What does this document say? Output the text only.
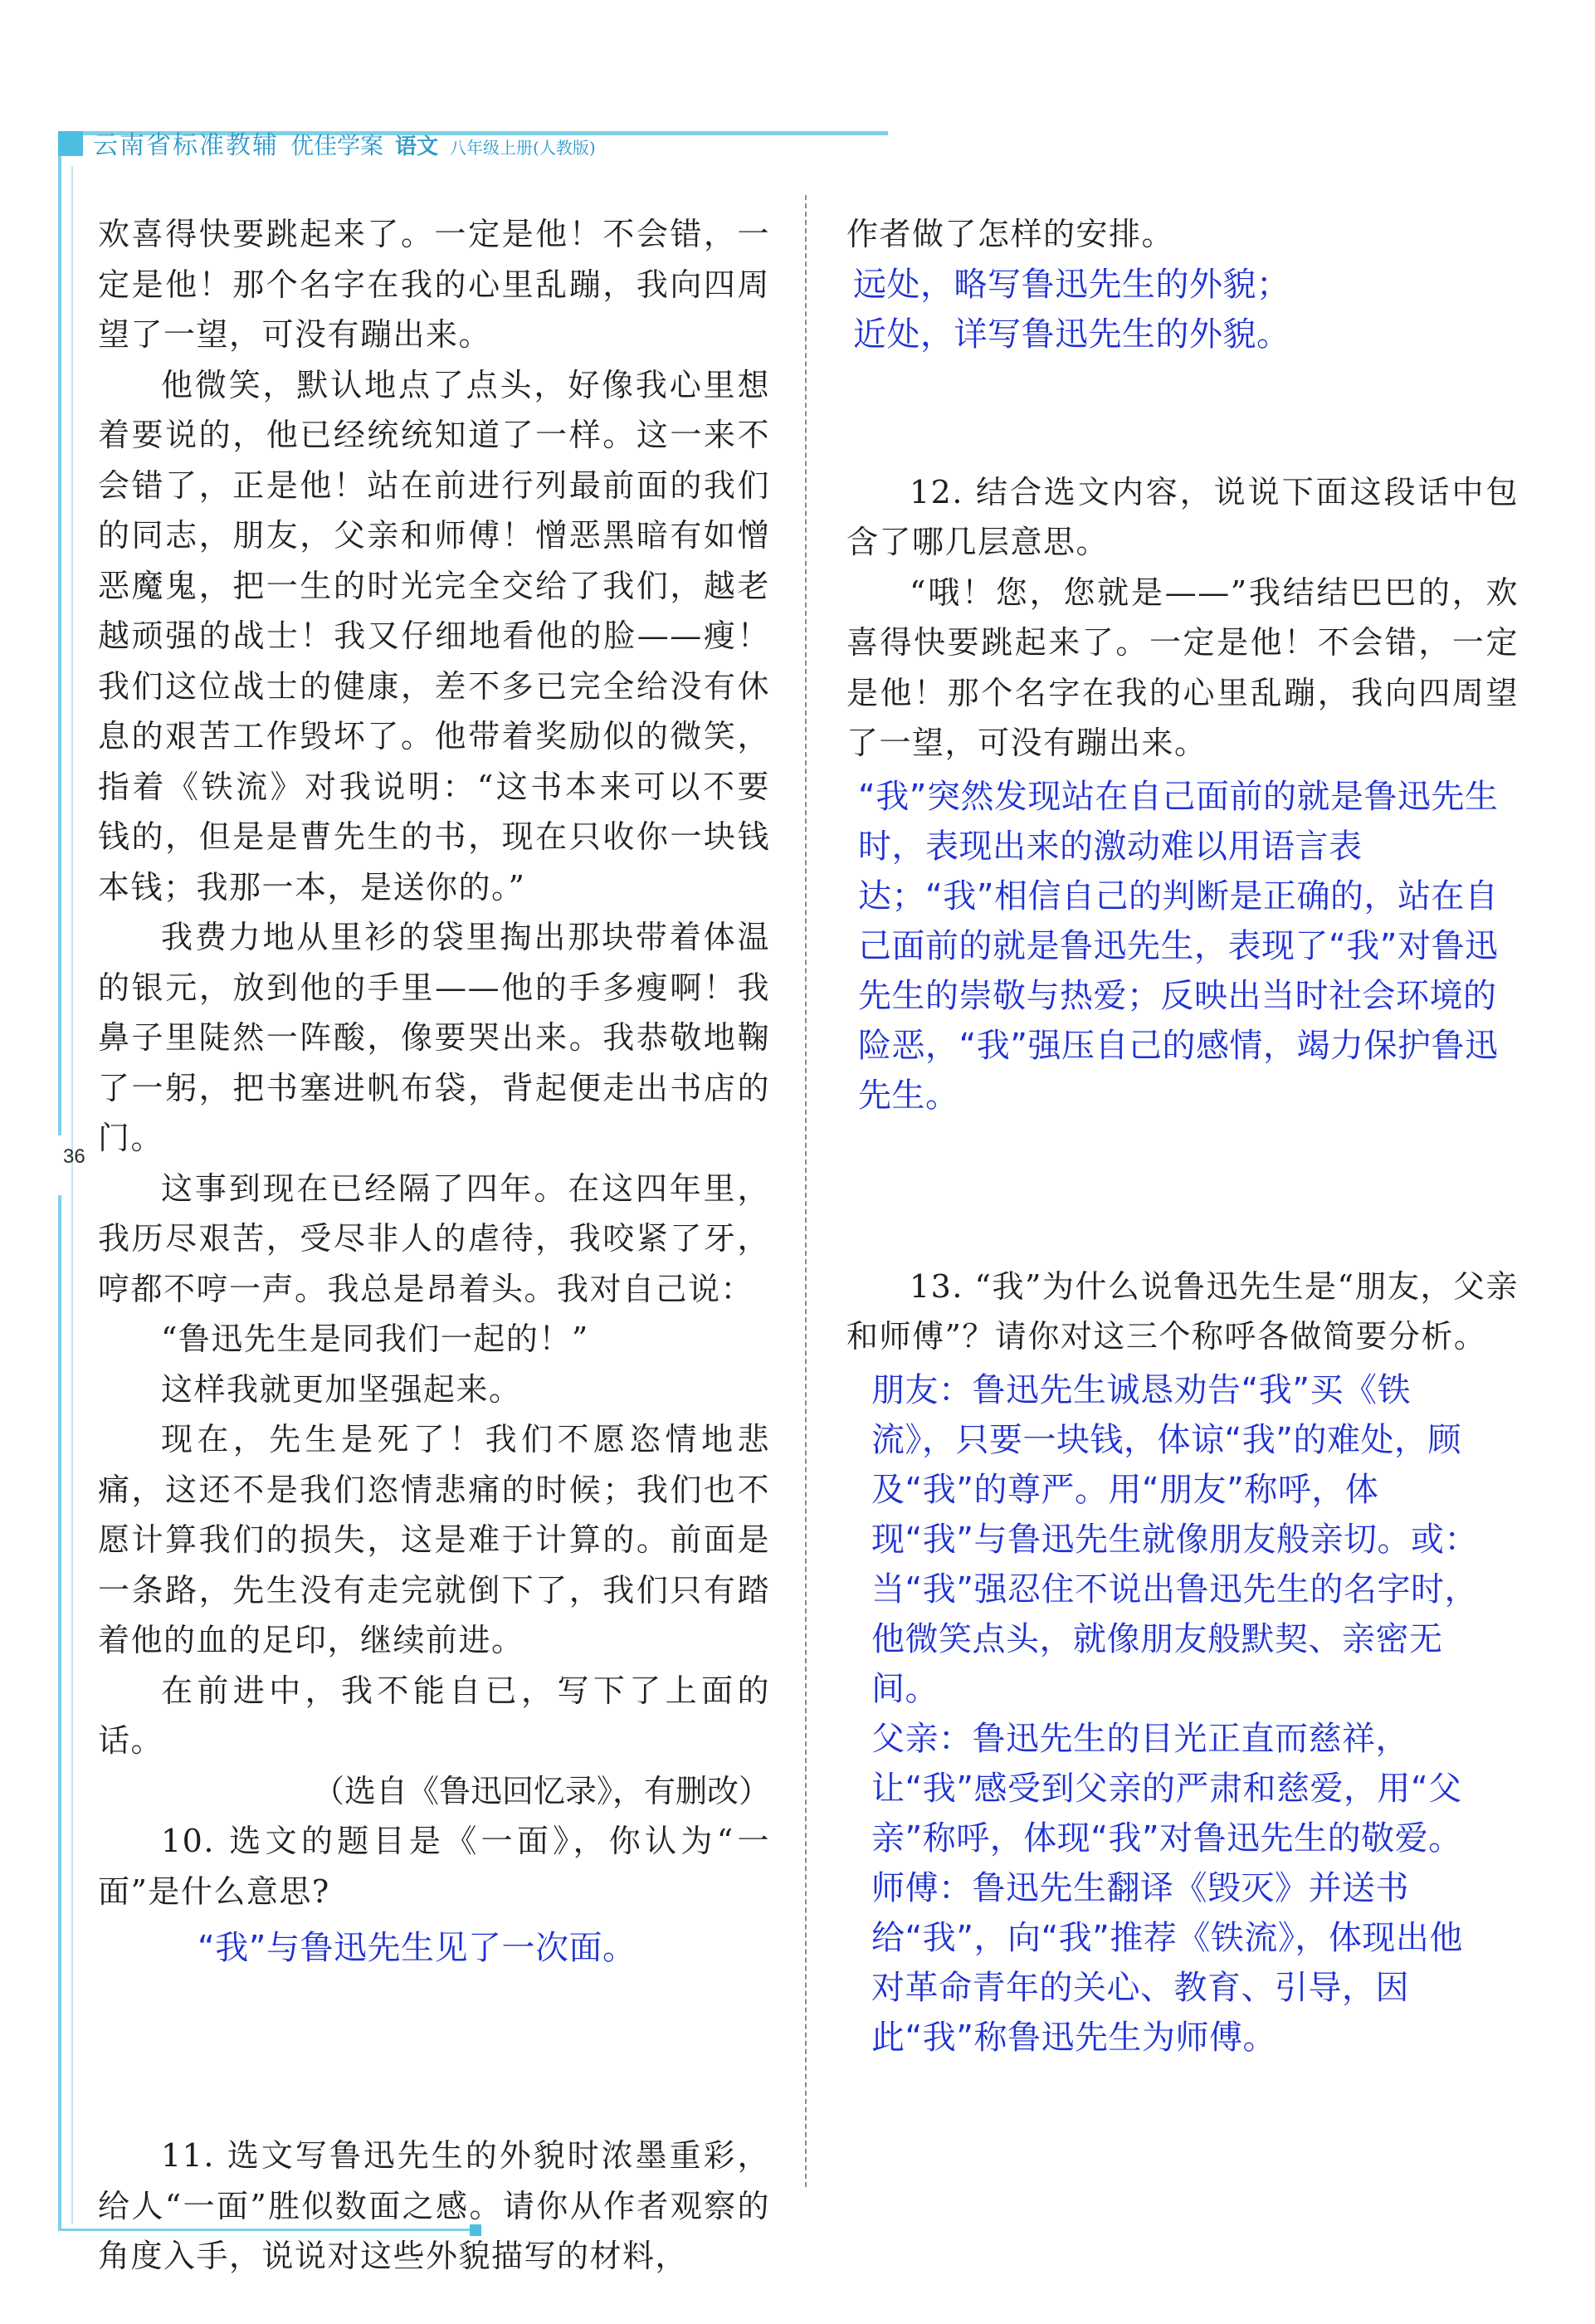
36
云南省标准教辅 优佳学案 语文 八年级上册(人教版)

欢喜得快要跳起来了。一定是他！不会错，一定是他！那个名字在我的心里乱蹦，我向四周望了一望，可没有蹦出来。

他微笑，默认地点了点头，好像我心里想着要说的，他已经统统知道了一样。这一来不会错了，正是他！站在前进行列最前面的我们的同志，朋友，父亲和师傅！憎恶黑暗有如憎恶魔鬼，把一生的时光完全交给了我们，越老越顽强的战士！我又仔细地看他的脸——瘦！我们这位战士的健康，差不多已完全给没有休息的艰苦工作毁坏了。他带着奖励似的微笑，指着《铁流》对我说明：“这书本来可以不要钱的，但是是曹先生的书，现在只收你一块钱本钱；我那一本，是送你的。”

我费力地从里衫的袋里掏出那块带着体温的银元，放到他的手里——他的手多瘦啊！我鼻子里陡然一阵酸，像要哭出来。我恭敬地鞠了一躬，把书塞进帆布袋，背起便走出书店的门。

这事到现在已经隔了四年。在这四年里，我历尽艰苦，受尽非人的虐待，我咬紧了牙，哼都不哼一声。我总是昂着头。我对自己说：

“鲁迅先生是同我们一起的！”

这样我就更加坚强起来。

现在，先生是死了！我们不愿恣情地悲痛，这还不是我们恣情悲痛的时候；我们也不愿计算我们的损失，这是难于计算的。前面是一条路，先生没有走完就倒下了，我们只有踏着他的血的足印，继续前进。

在前进中，我不能自已，写下了上面的话。

（选自《鲁迅回忆录》，有删改）

10. 选文的题目是《一面》，你认为“一面”是什么意思?

“我”与鲁迅先生见了一次面。

11. 选文写鲁迅先生的外貌时浓墨重彩，给人“一面”胜似数面之感。请你从作者观察的角度入手，说说对这些外貌描写的材料，

作者做了怎样的安排。

远处，略写鲁迅先生的外貌；

近处，详写鲁迅先生的外貌。

12. 结合选文内容，说说下面这段话中包含了哪几层意思。

“哦！您，您就是——”我结结巴巴的，欢喜得快要跳起来了。一定是他！不会错，一定是他！那个名字在我的心里乱蹦，我向四周望了一望，可没有蹦出来。

“我”突然发现站在自己面前的就是鲁迅先生时，表现出来的激动难以用语言表达；“我”相信自己的判断是正确的，站在自己面前的就是鲁迅先生，表现了“我”对鲁迅先生的崇敬与热爱；反映出当时社会环境的险恶，“我”强压自己的感情，竭力保护鲁迅先生。

13. “我”为什么说鲁迅先生是“朋友，父亲和师傅”？请你对这三个称呼各做简要分析。

朋友：鲁迅先生诚恳劝告“我”买《铁流》，只要一块钱，体谅“我”的难处，顾及“我”的尊严。用“朋友”称呼，体现“我”与鲁迅先生就像朋友般亲切。或：当“我”强忍住不说出鲁迅先生的名字时，他微笑点头，就像朋友般默契、亲密无间。

父亲：鲁迅先生的目光正直而慈祥，让“我”感受到父亲的严肃和慈爱，用“父亲”称呼，体现“我”对鲁迅先生的敬爱。

师傅：鲁迅先生翻译《毁灭》并送书给“我”，向“我”推荐《铁流》，体现出他对革命青年的关心、教育、引导，因此“我”称鲁迅先生为师傅。
